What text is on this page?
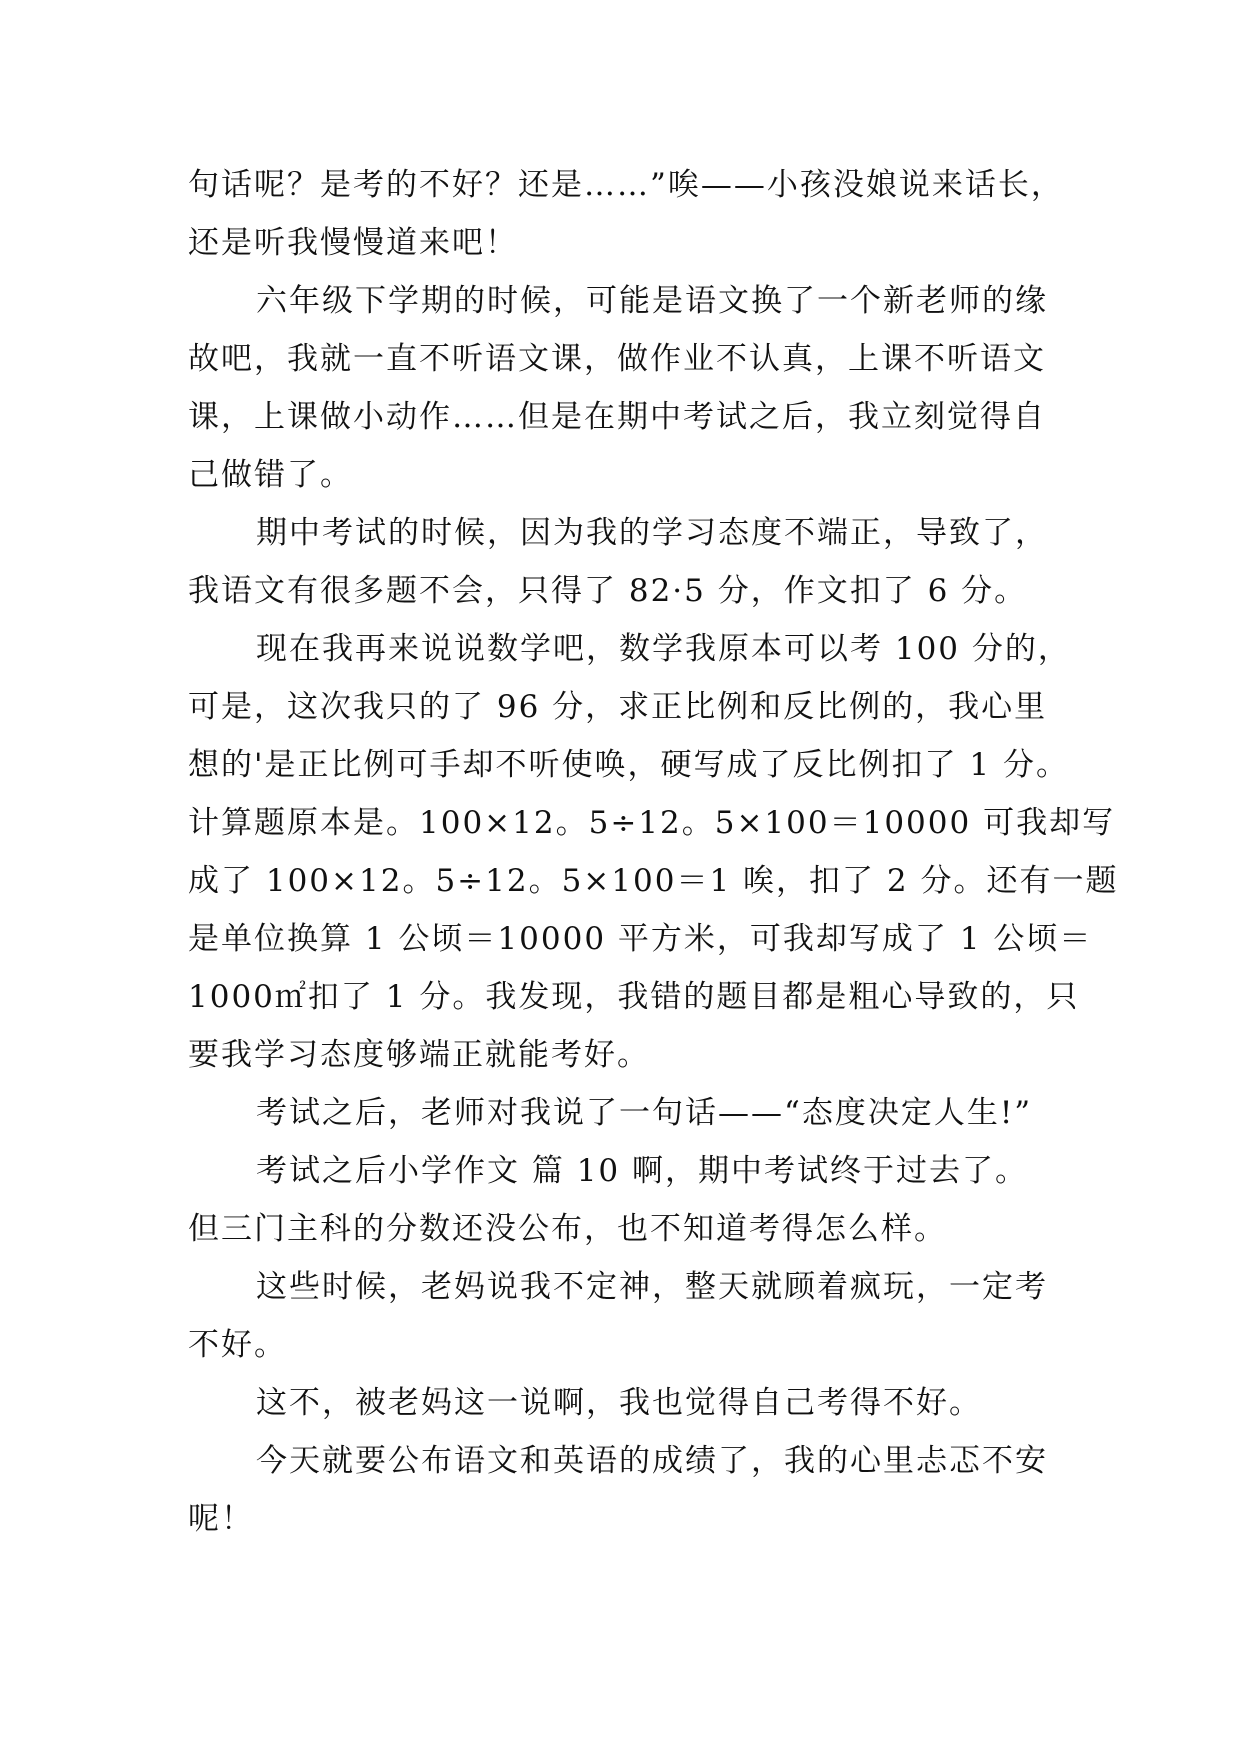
句话呢？是考的不好？还是……”唉——小孩没娘说来话长，
还是听我慢慢道来吧！
六年级下学期的时候，可能是语文换了一个新老师的缘
故吧，我就一直不听语文课，做作业不认真，上课不听语文
课，上课做小动作……但是在期中考试之后，我立刻觉得自
己做错了。
期中考试的时候，因为我的学习态度不端正，导致了，
我语文有很多题不会，只得了 82·5 分，作文扣了 6 分。
现在我再来说说数学吧，数学我原本可以考 100 分的，
可是，这次我只的了 96 分，求正比例和反比例的，我心里
想的'是正比例可手却不听使唤，硬写成了反比例扣了 1 分。
计算题原本是。100×12。5÷12。5×100＝10000 可我却写
成了 100×12。5÷12。5×100＝1 唉，扣了 2 分。还有一题
是单位换算 1 公顷＝10000 平方米，可我却写成了 1 公顷＝
1000㎡扣了 1 分。我发现，我错的题目都是粗心导致的，只
要我学习态度够端正就能考好。
考试之后，老师对我说了一句话——“态度决定人生!”
考试之后小学作文 篇 10 啊，期中考试终于过去了。
但三门主科的分数还没公布，也不知道考得怎么样。
这些时候，老妈说我不定神，整天就顾着疯玩，一定考
不好。
这不，被老妈这一说啊，我也觉得自己考得不好。
今天就要公布语文和英语的成绩了，我的心里忐忑不安
呢！
